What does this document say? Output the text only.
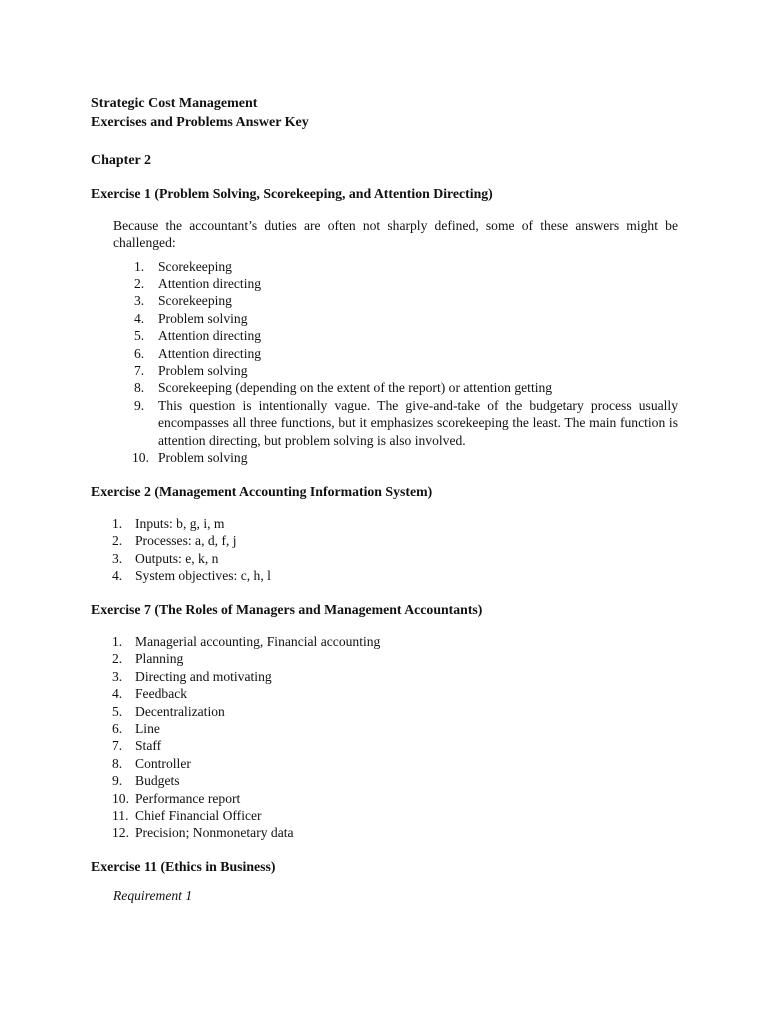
Strategic Cost Management
Exercises and Problems Answer Key
Chapter 2
Exercise 1 (Problem Solving, Scorekeeping, and Attention Directing)
Because the accountant’s duties are often not sharply defined, some of these answers might be challenged:
1.	Scorekeeping
2.	Attention directing
3.	Scorekeeping
4.	Problem solving
5.	Attention directing
6.	Attention directing
7.	Problem solving
8.	Scorekeeping (depending on the extent of the report) or attention getting
9.	This question is intentionally vague. The give-and-take of the budgetary process usually encompasses all three functions, but it emphasizes scorekeeping the least. The main function is attention directing, but problem solving is also involved.
10. Problem solving
Exercise 2 (Management Accounting Information System)
1. Inputs: b, g, i, m
2. Processes: a, d, f, j
3. Outputs: e, k, n
4. System objectives: c, h, l
Exercise 7 (The Roles of Managers and Management Accountants)
1. Managerial accounting, Financial accounting
2. Planning
3. Directing and motivating
4. Feedback
5. Decentralization
6. Line
7. Staff
8. Controller
9. Budgets
10. Performance report
11. Chief Financial Officer
12. Precision; Nonmonetary data
Exercise 11 (Ethics in Business)
Requirement 1
